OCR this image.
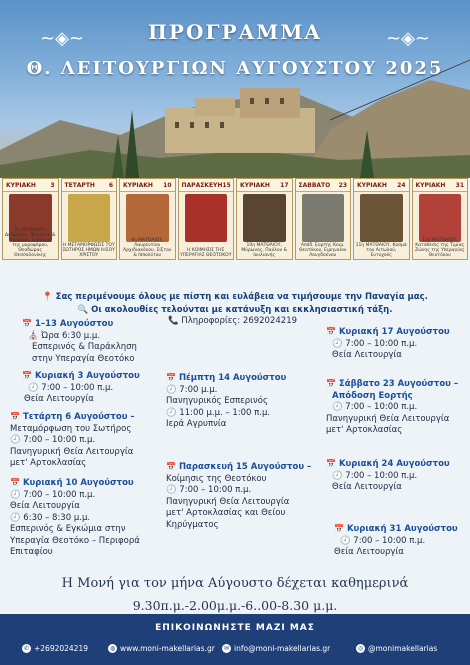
ΠΡΟΓΡΑΜΜΑ
Θ. ΛΕΙΤΟΥΡΓΙΩΝ ΑΥΓΟΥΣΤΟΥ 2025
~◈~	~◈~
ΚΥΡΙΑΚΗ 3
3η ΜΑΤΘΑΙΟΥ, Δαλμάτου, Φαυστου & Ισαακίου, Σαλώμης της μυροφόρου, Θεοδώρας Θεσσαλονίκης
ΤΕΤΑΡΤΗ 6
Η ΜΕΤΑΜΟΡΦΩΣΙΣ ΤΟΥ ΣΩΤΗΡΟΣ ΗΜΩΝ ΙΗΣΟΥ ΧΡΙΣΤΟΥ
ΚΥΡΙΑΚΗ 10
9η ΜΑΤΘΑΙΟΥ, Λαυρεντίου Αρχιδιακόνου, Σίξτου & Ιππολύτου
ΠΑΡΑΣΚΕΥΗ 15
Η ΚΟΙΜΗΣΙΣ ΤΗΣ ΥΠΕΡΑΓΙΑΣ ΘΕΟΤΟΚΟΥ
ΚΥΡΙΑΚΗ 17
10η ΜΑΤΘΑΙΟΥ, Μύρωνος, Παύλου & Ιουλιανής
ΣΑΒΒΑΤΟ 23
Απόδ. Εορτής Κοιμ. Θεοτόκου, Ειρηναίου Λουγδούνου
ΚΥΡΙΑΚΗ 24
11η ΜΑΤΘΑΙΟΥ, Κοσμά του Αιτωλού, Ευτυχούς
ΚΥΡΙΑΚΗ 31
12η ΜΑΤΘΑΙΟΥ, Κατάθεσις της Τιμίας Ζώνης της Υπεραγίας Θεοτόκου
📍 Σας περιμένουμε όλους με πίστη και ευλάβεια να τιμήσουμε την Παναγία μας.
🔍 Οι ακολουθίες τελούνται με κατάνυξη και εκκλησιαστική τάξη.
📞 Πληροφορίες: 2692024219
📅 1–13 Αυγούστου
⛪ Ώρα 6:30 μ.μ.
Εσπερινός & Παράκληση
στην Υπεραγία Θεοτόκο
📅 Κυριακή 3 Αυγούστου
🕗 7:00 – 10:00 π.μ.
Θεία Λειτουργία
📅 Τετάρτη 6 Αυγούστου –
Μεταμόρφωση του Σωτήρος
🕗 7:00 – 10:00 π.μ.
Πανηγυρική Θεία Λειτουργία
μετ' Αρτοκλασίας
📅 Κυριακή 10 Αυγούστου
🕗 7:00 – 10:00 π.μ.
Θεία Λειτουργία
🕗 6:30 – 8:30 μ.μ.
Εσπερινός & Εγκώμια στην
Υπεραγία Θεοτόκο – Περιφορά
Επιταφίου
📅 Πέμπτη 14 Αυγούστου
🕗 7:00 μ.μ.
Πανηγυρικός Εσπερινός
🕗 11:00 μ.μ. – 1:00 π.μ.
Ιερά Αγρυπνία
📅 Παρασκευή 15 Αυγούστου –
Κοίμησις της Θεοτόκου
🕗 7:00 – 10:00 π.μ.
Πανηγυρική Θεία Λειτουργία
μετ' Αρτοκλασίας και Θείου
Κηρύγματος
📅 Κυριακή 17 Αυγούστου
🕗 7:00 – 10:00 π.μ.
Θεία Λειτουργία
📅 Σάββατο 23 Αυγούστου –
Απόδοση Εορτής
🕗 7:00 – 10:00 π.μ.
Πανηγυρική Θεία Λειτουργία
μετ' Αρτοκλασίας
📅 Κυριακή 24 Αυγούστου
🕗 7:00 – 10:00 π.μ.
Θεία Λειτουργία
📅 Κυριακή 31 Αυγούστου
🕗 7:00 – 10:00 π.μ.
Θεία Λειτουργία
Η Μονή για τον μήνα Αύγουστο δέχεται καθημερινά
9.30π.μ.-2.00μ.μ.-6..00-8.30 μ.μ.
ΕΠΙΚΟΙΝΩΝΗΣΤΕ ΜΑΖΙ ΜΑΣ
✆ +2692024219	◍ www.moni-makellarias.gr	✉ info@moni-makellarias.gr	◎ @monimakellarias
